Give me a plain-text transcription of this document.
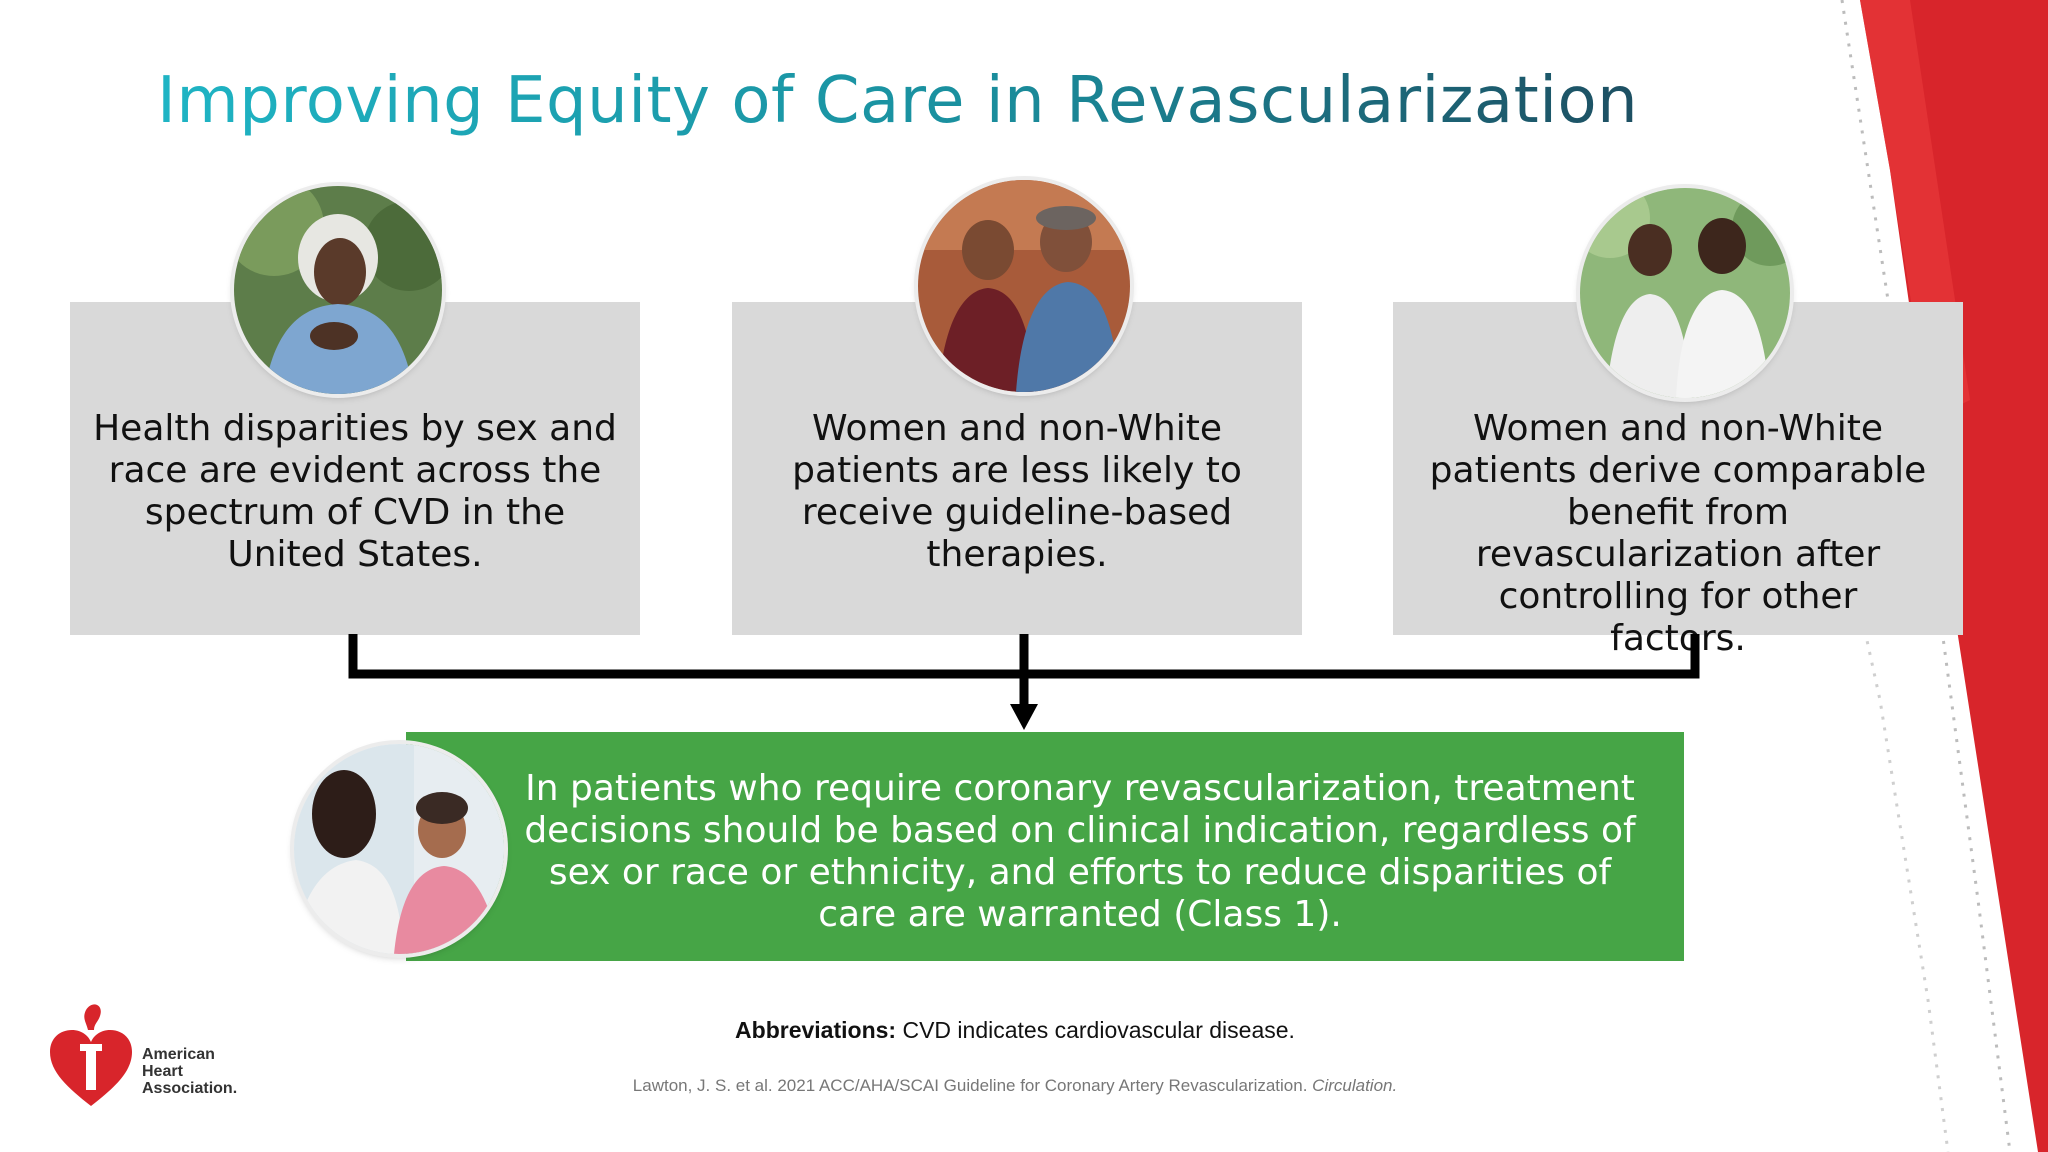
Improving Equity of Care in Revascularization
Health disparities by sex and race are evident across the spectrum of CVD in the United States.
Women and non-White patients are less likely to receive guideline-based therapies.
Women and non-White patients derive comparable benefit from revascularization after controlling for other factors.
In patients who require coronary revascularization, treatment decisions should be based on clinical indication, regardless of sex or race or ethnicity, and efforts to reduce disparities of care are warranted (Class 1).
Abbreviations: CVD indicates cardiovascular disease.
Lawton, J. S. et al. 2021 ACC/AHA/SCAI Guideline for Coronary Artery Revascularization. Circulation.
American
Heart
Association.
